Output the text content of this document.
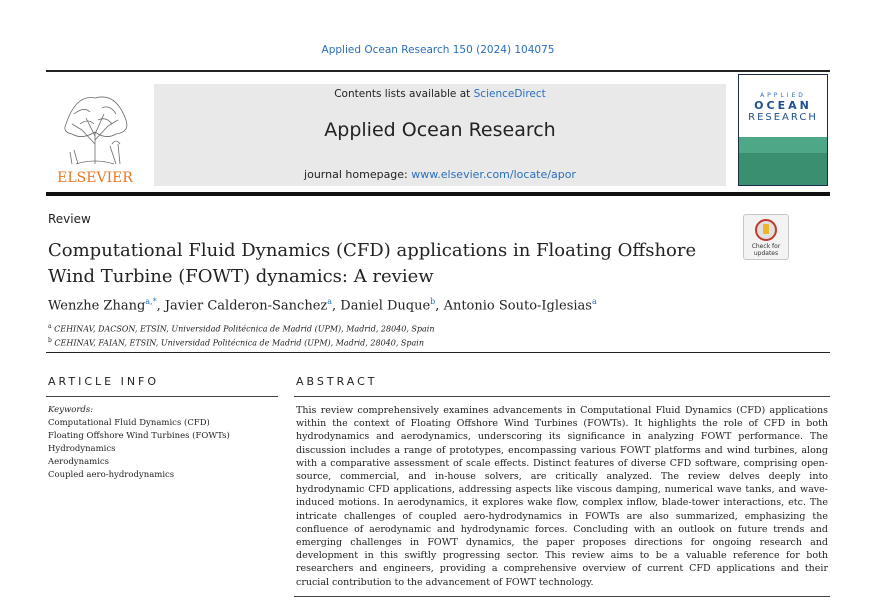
Applied Ocean Research 150 (2024) 104075
ELSEVIER
Contents lists available at ScienceDirect
Applied Ocean Research
journal homepage: www.elsevier.com/locate/apor
APPLIED
OCEAN
RESEARCH
Review
Computational Fluid Dynamics (CFD) applications in Floating Offshore Wind Turbine (FOWT) dynamics: A review
Check for
updates
Wenzhe Zhang$^{a,*}$, Javier Calderon-Sanchez$^a$, Daniel Duque$^b$, Antonio Souto-Iglesias$^a$
$^a$ CEHINAV, DACSON, ETSIN, Universidad Politécnica de Madrid (UPM), Madrid, 28040, Spain
$^b$ CEHINAV, FAIAN, ETSIN, Universidad Politécnica de Madrid (UPM), Madrid, 28040, Spain
ARTICLE INFO	ABSTRACT
Keywords:
Computational Fluid Dynamics (CFD)
Floating Offshore Wind Turbines (FOWTs)
Hydrodynamics
Aerodynamics
Coupled aero-hydrodynamics
This review comprehensively examines advancements in Computational Fluid Dynamics (CFD) applications within the context of Floating Offshore Wind Turbines (FOWTs). It highlights the role of CFD in both hydrodynamics and aerodynamics, underscoring its significance in analyzing FOWT performance. The discussion includes a range of prototypes, encompassing various FOWT platforms and wind turbines, along with a comparative assessment of scale effects. Distinct features of diverse CFD software, comprising open-source, commercial, and in-house solvers, are critically analyzed. The review delves deeply into hydrodynamic CFD applications, addressing aspects like viscous damping, numerical wave tanks, and wave-induced motions. In aerodynamics, it explores wake flow, complex inflow, blade-tower interactions, etc. The intricate challenges of coupled aero-hydrodynamics in FOWTs are also summarized, emphasizing the confluence of aerodynamic and hydrodynamic forces. Concluding with an outlook on future trends and emerging challenges in FOWT dynamics, the paper proposes directions for ongoing research and development in this swiftly progressing sector. This review aims to be a valuable reference for both researchers and engineers, providing a comprehensive overview of current CFD applications and their crucial contribution to the advancement of FOWT technology.
